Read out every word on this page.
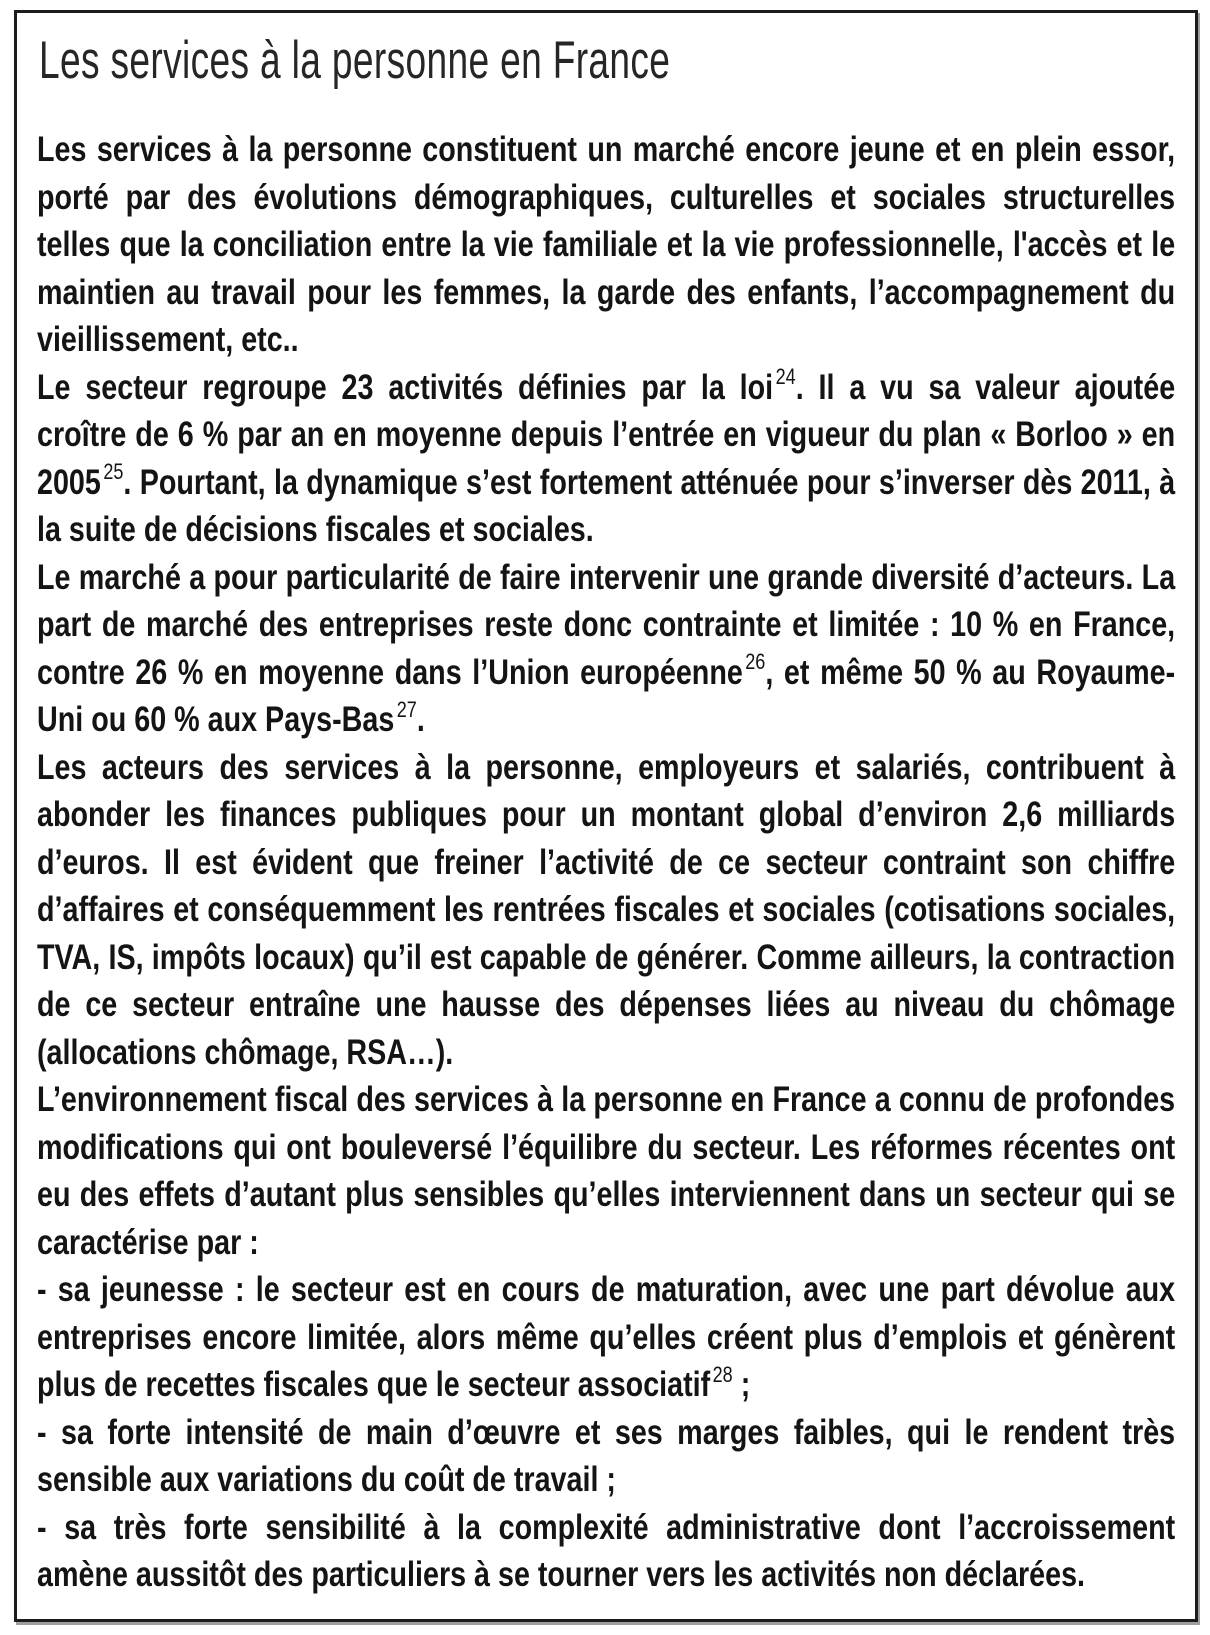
Les services à la personne en France

Les services à la personne constituent un marché encore jeune et en plein essor, porté par des évolutions démographiques, culturelles et sociales structurelles telles que la conciliation entre la vie familiale et la vie professionnelle, l'accès et le maintien au travail pour les femmes, la garde des enfants, l’accompagnement du vieillissement, etc..

Le secteur regroupe 23 activités définies par la loi $^{24}$. Il a vu sa valeur ajoutée croître de 6 % par an en moyenne depuis l’entrée en vigueur du plan « Borloo » en 2005 $^{25}$. Pourtant, la dynamique s’est fortement atténuée pour s’inverser dès 2011, à la suite de décisions fiscales et sociales.

Le marché a pour particularité de faire intervenir une grande diversité d’acteurs. La part de marché des entreprises reste donc contrainte et limitée : 10 % en France, contre 26 % en moyenne dans l’Union européenne $^{26}$, et même 50 % au Royaume-Uni ou 60 % aux Pays-Bas $^{27}$.

Les acteurs des services à la personne, employeurs et salariés, contribuent à abonder les finances publiques pour un montant global d’environ 2,6 milliards d’euros. Il est évident que freiner l’activité de ce secteur contraint son chiffre d’affaires et conséquemment les rentrées fiscales et sociales (cotisations sociales, TVA, IS, impôts locaux) qu’il est capable de générer. Comme ailleurs, la contraction de ce secteur entraîne une hausse des dépenses liées au niveau du chômage (allocations chômage, RSA…).

L’environnement fiscal des services à la personne en France a connu de profondes modifications qui ont bouleversé l’équilibre du secteur. Les réformes récentes ont eu des effets d’autant plus sensibles qu’elles interviennent dans un secteur qui se caractérise par :

- sa jeunesse : le secteur est en cours de maturation, avec une part dévolue aux entreprises encore limitée, alors même qu’elles créent plus d’emplois et génèrent plus de recettes fiscales que le secteur associatif $^{28}$ ;

- sa forte intensité de main d’œuvre et ses marges faibles, qui le rendent très sensible aux variations du coût de travail ;

- sa très forte sensibilité à la complexité administrative dont l’accroissement amène aussitôt des particuliers à se tourner vers les activités non déclarées.
